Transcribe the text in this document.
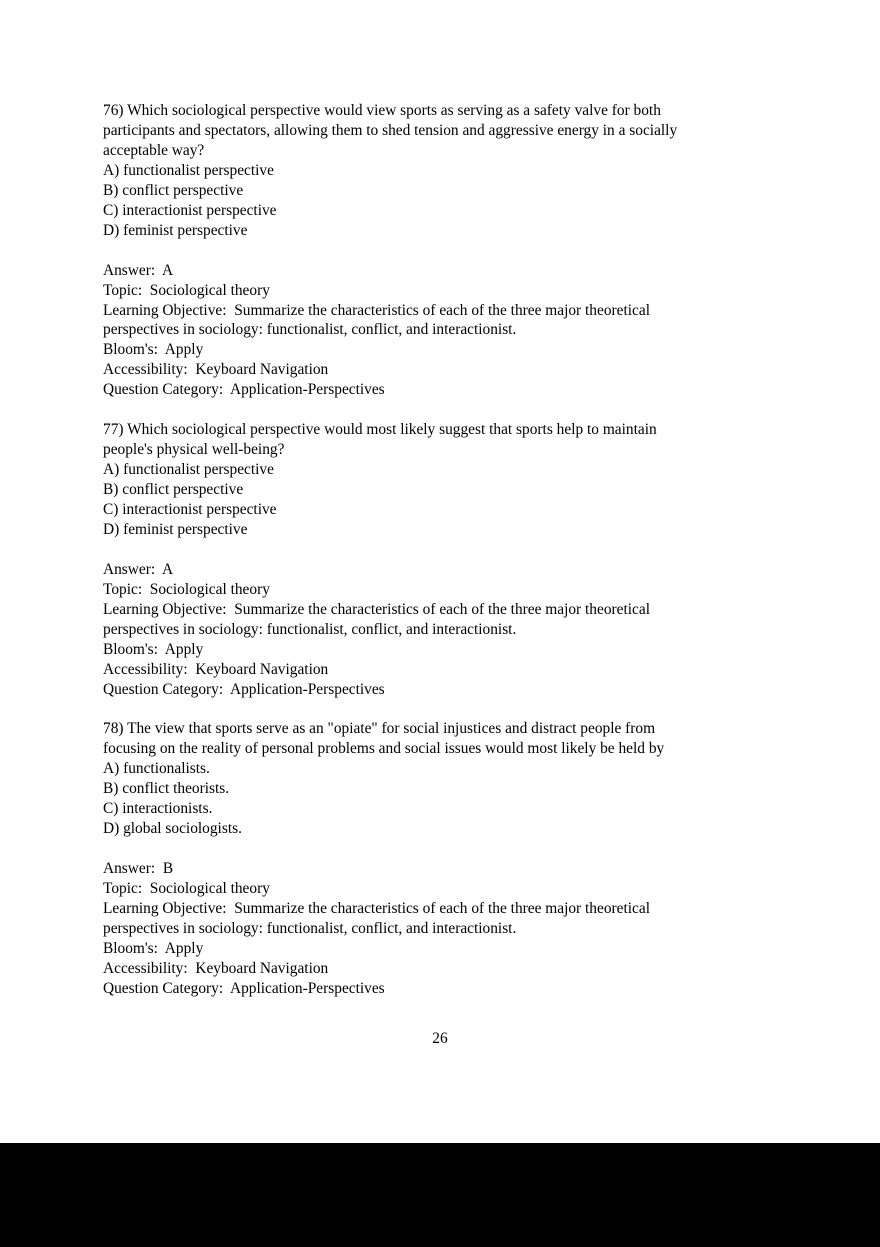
76) Which sociological perspective would view sports as serving as a safety valve for both
participants and spectators, allowing them to shed tension and aggressive energy in a socially
acceptable way?
A) functionalist perspective
B) conflict perspective
C) interactionist perspective
D) feminist perspective
Answer:  A
Topic:  Sociological theory
Learning Objective:  Summarize the characteristics of each of the three major theoretical
perspectives in sociology: functionalist, conflict, and interactionist.
Bloom's:  Apply
Accessibility:  Keyboard Navigation
Question Category:  Application-Perspectives
77) Which sociological perspective would most likely suggest that sports help to maintain
people's physical well-being?
A) functionalist perspective
B) conflict perspective
C) interactionist perspective
D) feminist perspective
Answer:  A
Topic:  Sociological theory
Learning Objective:  Summarize the characteristics of each of the three major theoretical
perspectives in sociology: functionalist, conflict, and interactionist.
Bloom's:  Apply
Accessibility:  Keyboard Navigation
Question Category:  Application-Perspectives
78) The view that sports serve as an "opiate" for social injustices and distract people from
focusing on the reality of personal problems and social issues would most likely be held by
A) functionalists.
B) conflict theorists.
C) interactionists.
D) global sociologists.
Answer:  B
Topic:  Sociological theory
Learning Objective:  Summarize the characteristics of each of the three major theoretical
perspectives in sociology: functionalist, conflict, and interactionist.
Bloom's:  Apply
Accessibility:  Keyboard Navigation
Question Category:  Application-Perspectives
26
